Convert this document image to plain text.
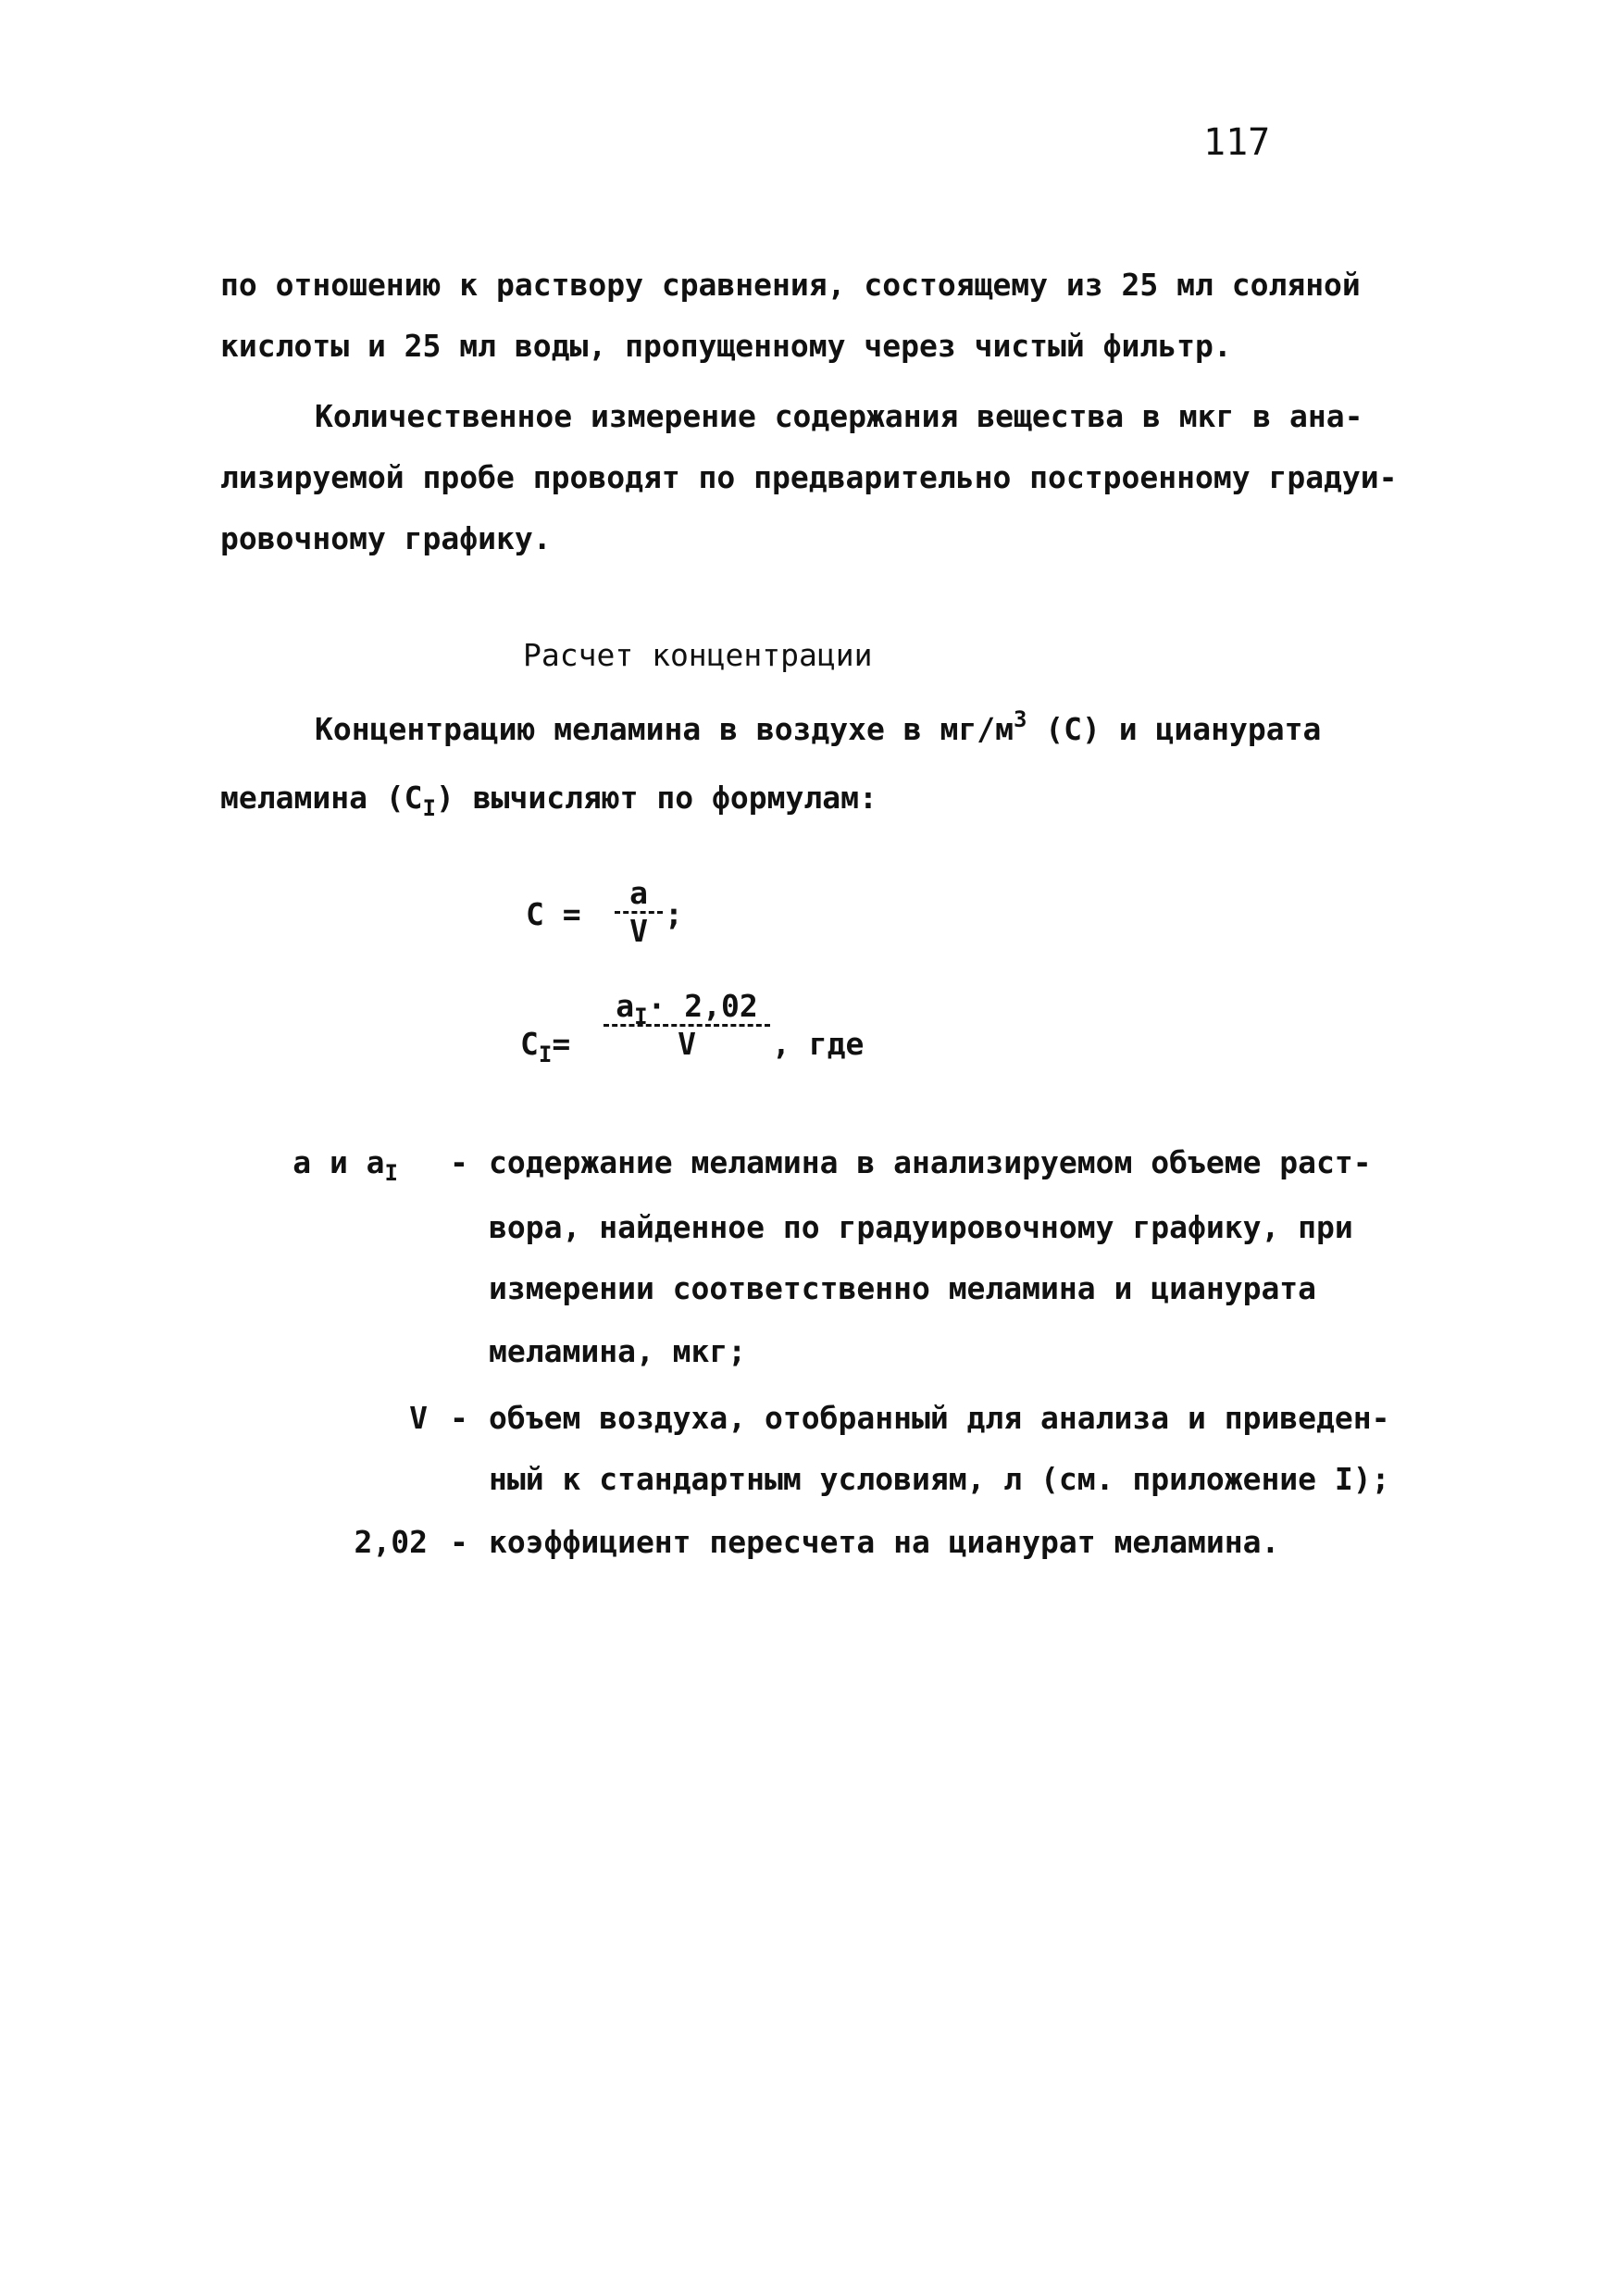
117
по отношению к раствору сравнения, состоящему из 25 мл соляной
кислоты и 25 мл воды, пропущенному через чистый фильтр.
Количественное измерение содержания вещества в мкг в ана-
лизируемой пробе проводят по предварительно построенному градуи-
ровочному графику.
Расчет концентрации
Концентрацию меламина в воздухе в $мг/м^3$ (С) и цианурата
меламина $(С_I)$ вычисляют по формулам:
С =
a
V ;
$С_I=$
$a_I\cdot 2,02$
V	, где
а и $а_I$ - содержание меламина в анализируемом объеме раст-
вора, найденное по градуировочному графику, при
измерении соответственно меламина и цианурата
меламина, мкг;
V - объем воздуха, отобранный для анализа и приведен-
ный к стандартным условиям, л (см. приложение I);
2,02 - коэффициент пересчета на цианурат меламина.
